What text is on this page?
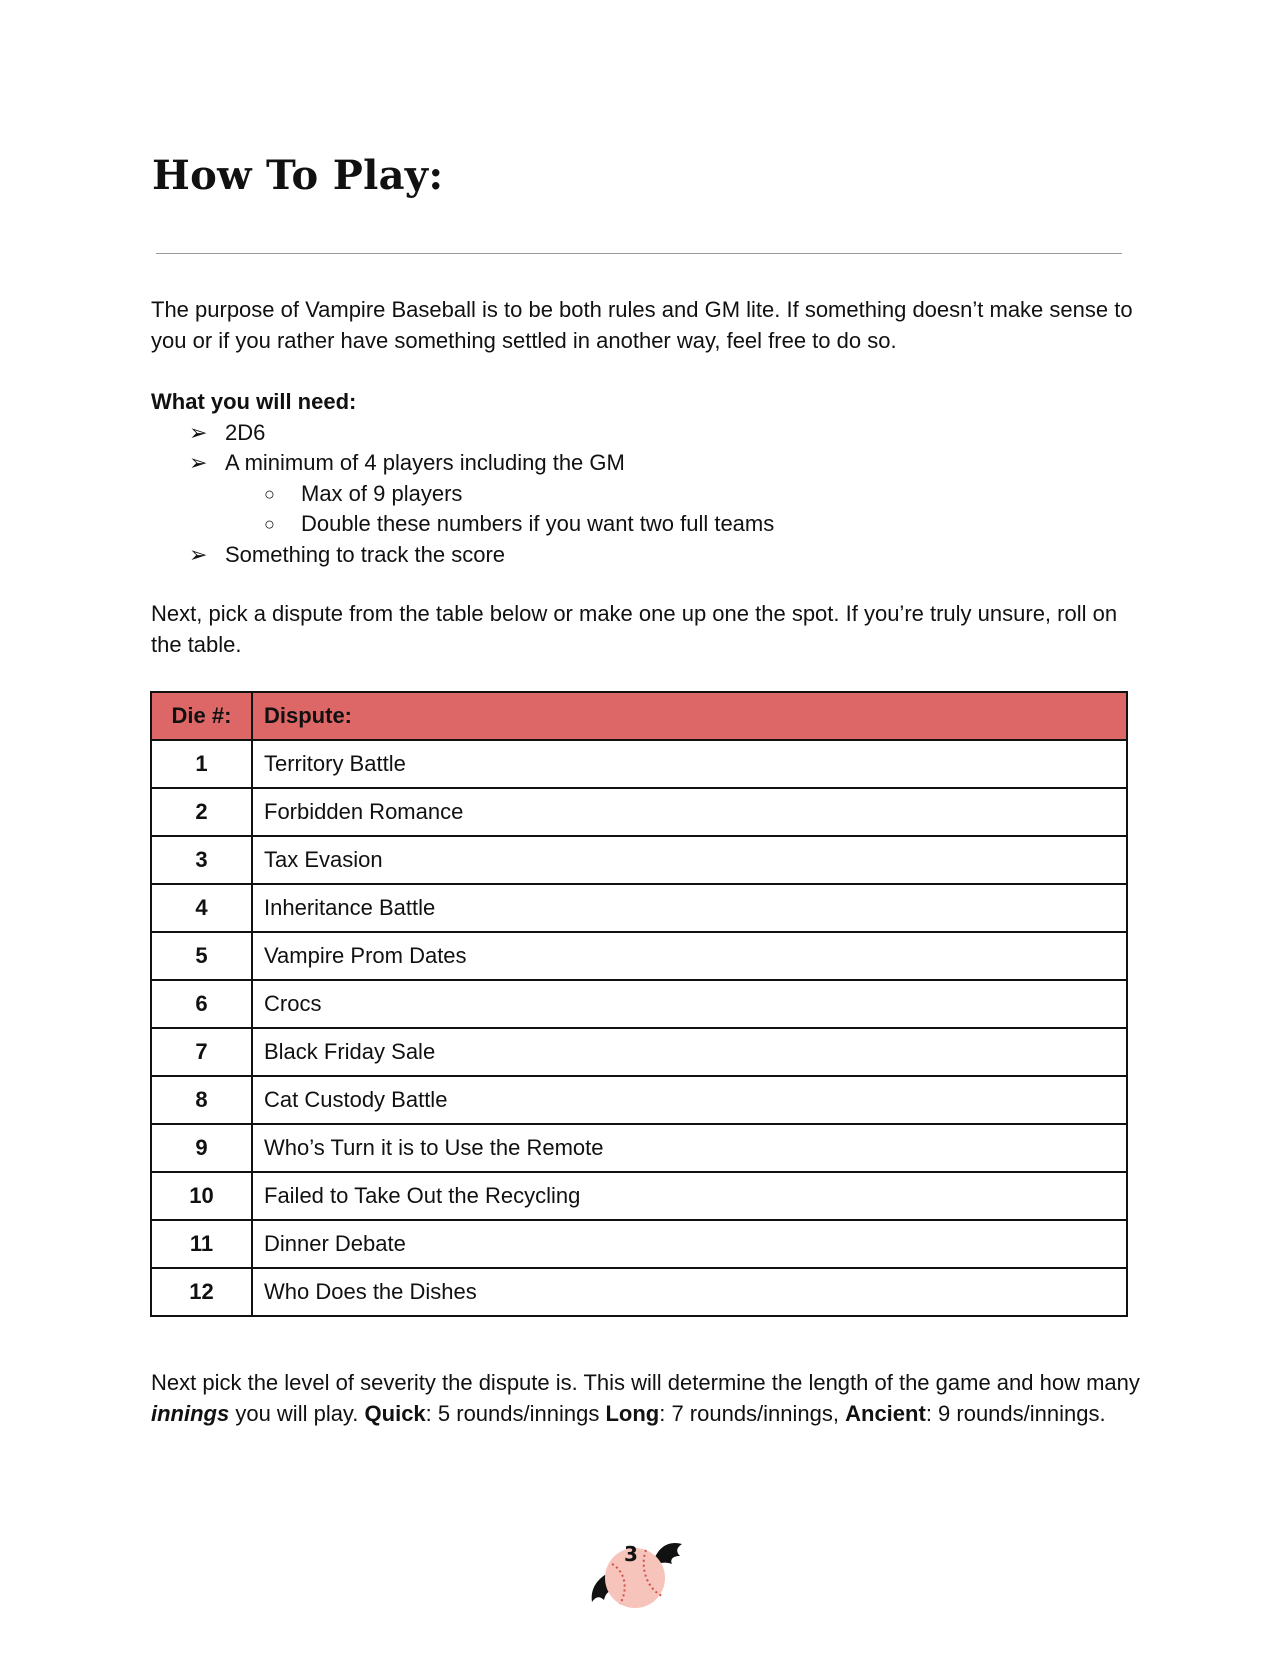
How To Play:

The purpose of Vampire Baseball is to be both rules and GM lite. If something doesn’t make sense to you or if you rather have something settled in another way, feel free to do so.

What you will need:
➢ 2D6
➢ A minimum of 4 players including the GM
○ Max of 9 players
○ Double these numbers if you want two full teams
➢ Something to track the score

Next, pick a dispute from the table below or make one up one the spot. If you’re truly unsure, roll on the table.

Die #:	Dispute:
1	Territory Battle
2	Forbidden Romance
3	Tax Evasion
4	Inheritance Battle
5	Vampire Prom Dates
6	Crocs
7	Black Friday Sale
8	Cat Custody Battle
9	Who’s Turn it is to Use the Remote
10	Failed to Take Out the Recycling
11	Dinner Debate
12	Who Does the Dishes

Next pick the level of severity the dispute is. This will determine the length of the game and how many innings you will play. Quick: 5 rounds/innings Long: 7 rounds/innings, Ancient: 9 rounds/innings.

3
